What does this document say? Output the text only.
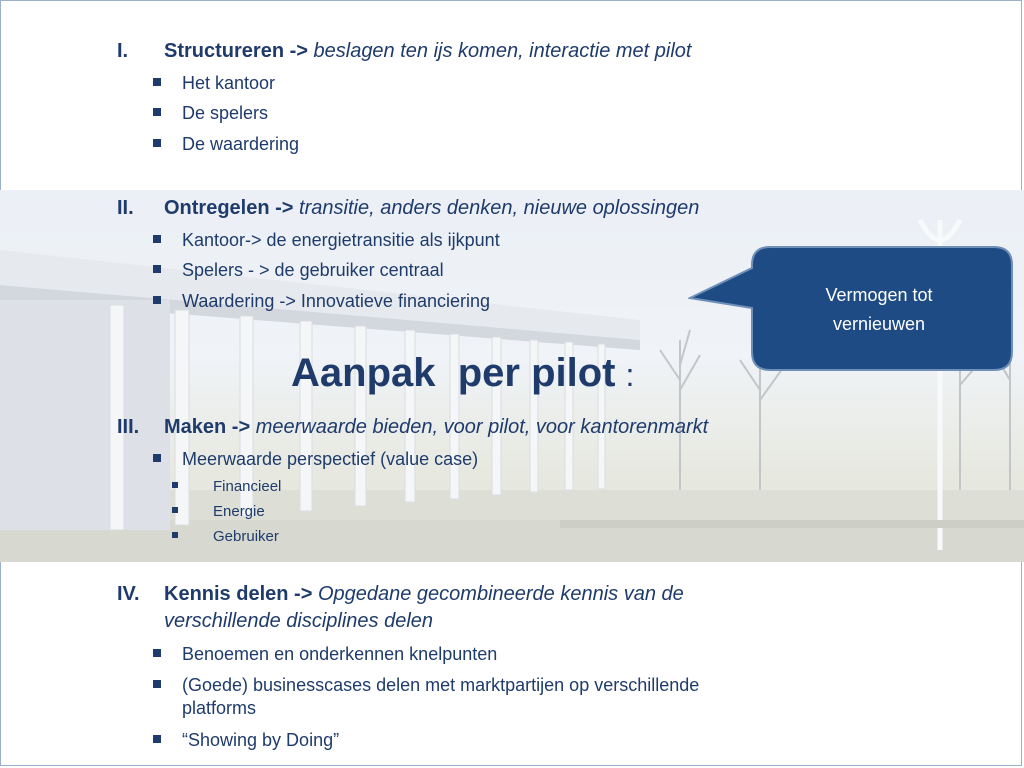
I. Structureren -> beslagen ten ijs komen, interactie met pilot
Het kantoor
De spelers
De waardering
II. Ontregelen -> transitie, anders denken, nieuwe oplossingen
Kantoor-> de energietransitie als ijkpunt
Spelers - > de gebruiker centraal
Waardering -> Innovatieve financiering
Aanpak  per pilot :
III. Maken -> meerwaarde bieden, voor pilot, voor kantorenmarkt
Meerwaarde perspectief (value case)
Financieel
Energie
Gebruiker
IV. Kennis delen -> Opgedane gecombineerde kennis van de
verschillende disciplines delen
Benoemen en onderkennen knelpunten
(Goede) businesscases delen met marktpartijen op verschillende
platforms
“Showing by Doing”
Vermogen tot
vernieuwen
